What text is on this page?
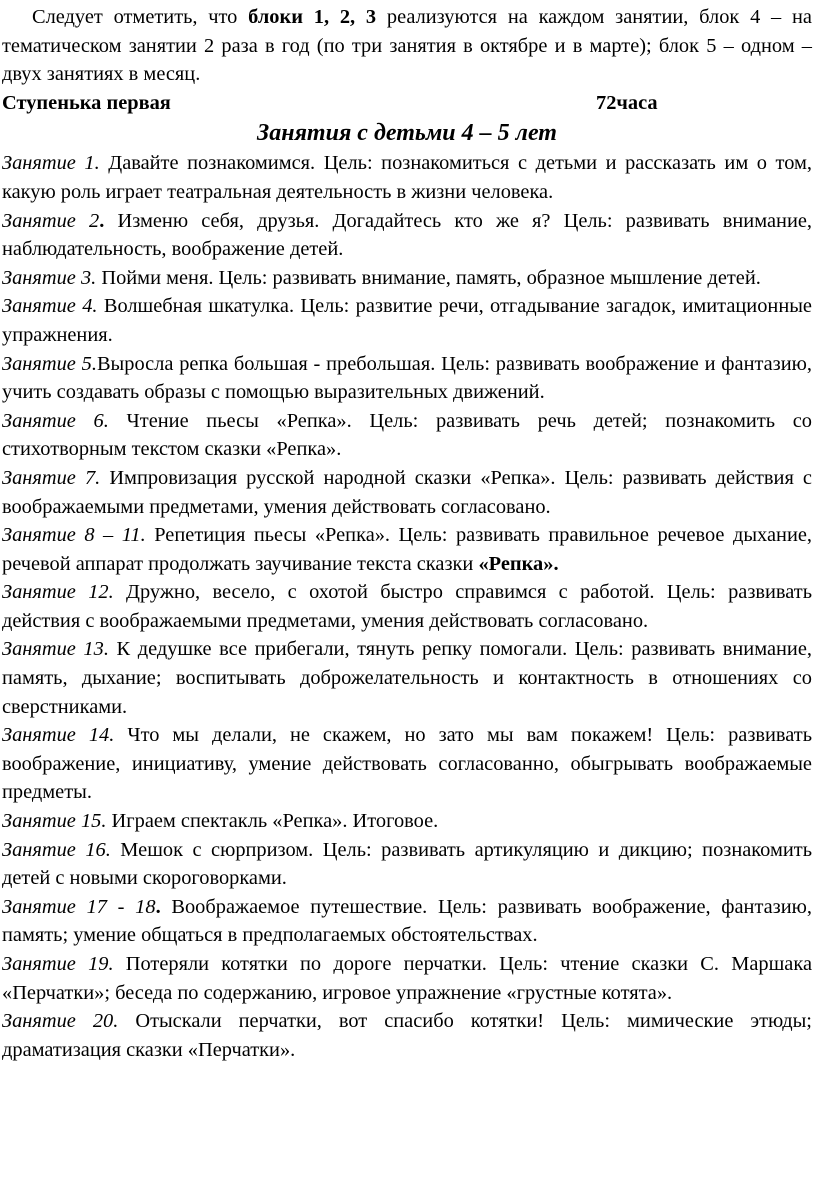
Следует отметить, что блоки 1, 2, 3 реализуются на каждом занятии, блок 4 – на тематическом занятии 2 раза в год (по три занятия в октябре и в марте); блок 5 – одном – двух занятиях в месяц.

Ступенька первая	72часа

Занятия с детьми 4 – 5 лет

Занятие 1. Давайте познакомимся. Цель: познакомиться с детьми и рассказать им о том, какую роль играет театральная деятельность в жизни человека.

Занятие 2. Изменю себя, друзья. Догадайтесь кто же я? Цель: развивать внимание, наблюдательность, воображение детей.

Занятие 3. Пойми меня. Цель: развивать внимание, память, образное мышление детей.

Занятие 4. Волшебная шкатулка. Цель: развитие речи, отгадывание загадок, имитационные упражнения.

Занятие 5.Выросла репка большая - пребольшая. Цель: развивать воображение и фантазию, учить создавать образы с помощью выразительных движений.

Занятие 6. Чтение пьесы «Репка». Цель: развивать речь детей; познакомить со стихотворным текстом сказки «Репка».

Занятие 7. Импровизация русской народной сказки «Репка». Цель: развивать действия с воображаемыми предметами, умения действовать согласовано.

Занятие 8 – 11. Репетиция пьесы «Репка». Цель: развивать правильное речевое дыхание, речевой аппарат продолжать заучивание текста сказки «Репка».

Занятие 12. Дружно, весело, с охотой быстро справимся с работой. Цель: развивать действия с воображаемыми предметами, умения действовать согласовано.

Занятие 13. К дедушке все прибегали, тянуть репку помогали. Цель: развивать внимание, память, дыхание; воспитывать доброжелательность и контактность в отношениях со сверстниками.

Занятие 14. Что мы делали, не скажем, но зато мы вам покажем! Цель: развивать воображение, инициативу, умение действовать согласованно, обыгрывать воображаемые предметы.

Занятие 15. Играем спектакль «Репка». Итоговое.

Занятие 16. Мешок с сюрпризом. Цель: развивать артикуляцию и дикцию; познакомить детей с новыми скороговорками.

Занятие 17 - 18. Воображаемое путешествие. Цель: развивать воображение, фантазию, память; умение общаться в предполагаемых обстоятельствах.

Занятие 19. Потеряли котятки по дороге перчатки. Цель: чтение сказки С. Маршака «Перчатки»; беседа по содержанию, игровое упражнение «грустные котята».

Занятие 20. Отыскали перчатки, вот спасибо котятки! Цель: мимические этюды; драматизация сказки «Перчатки».
